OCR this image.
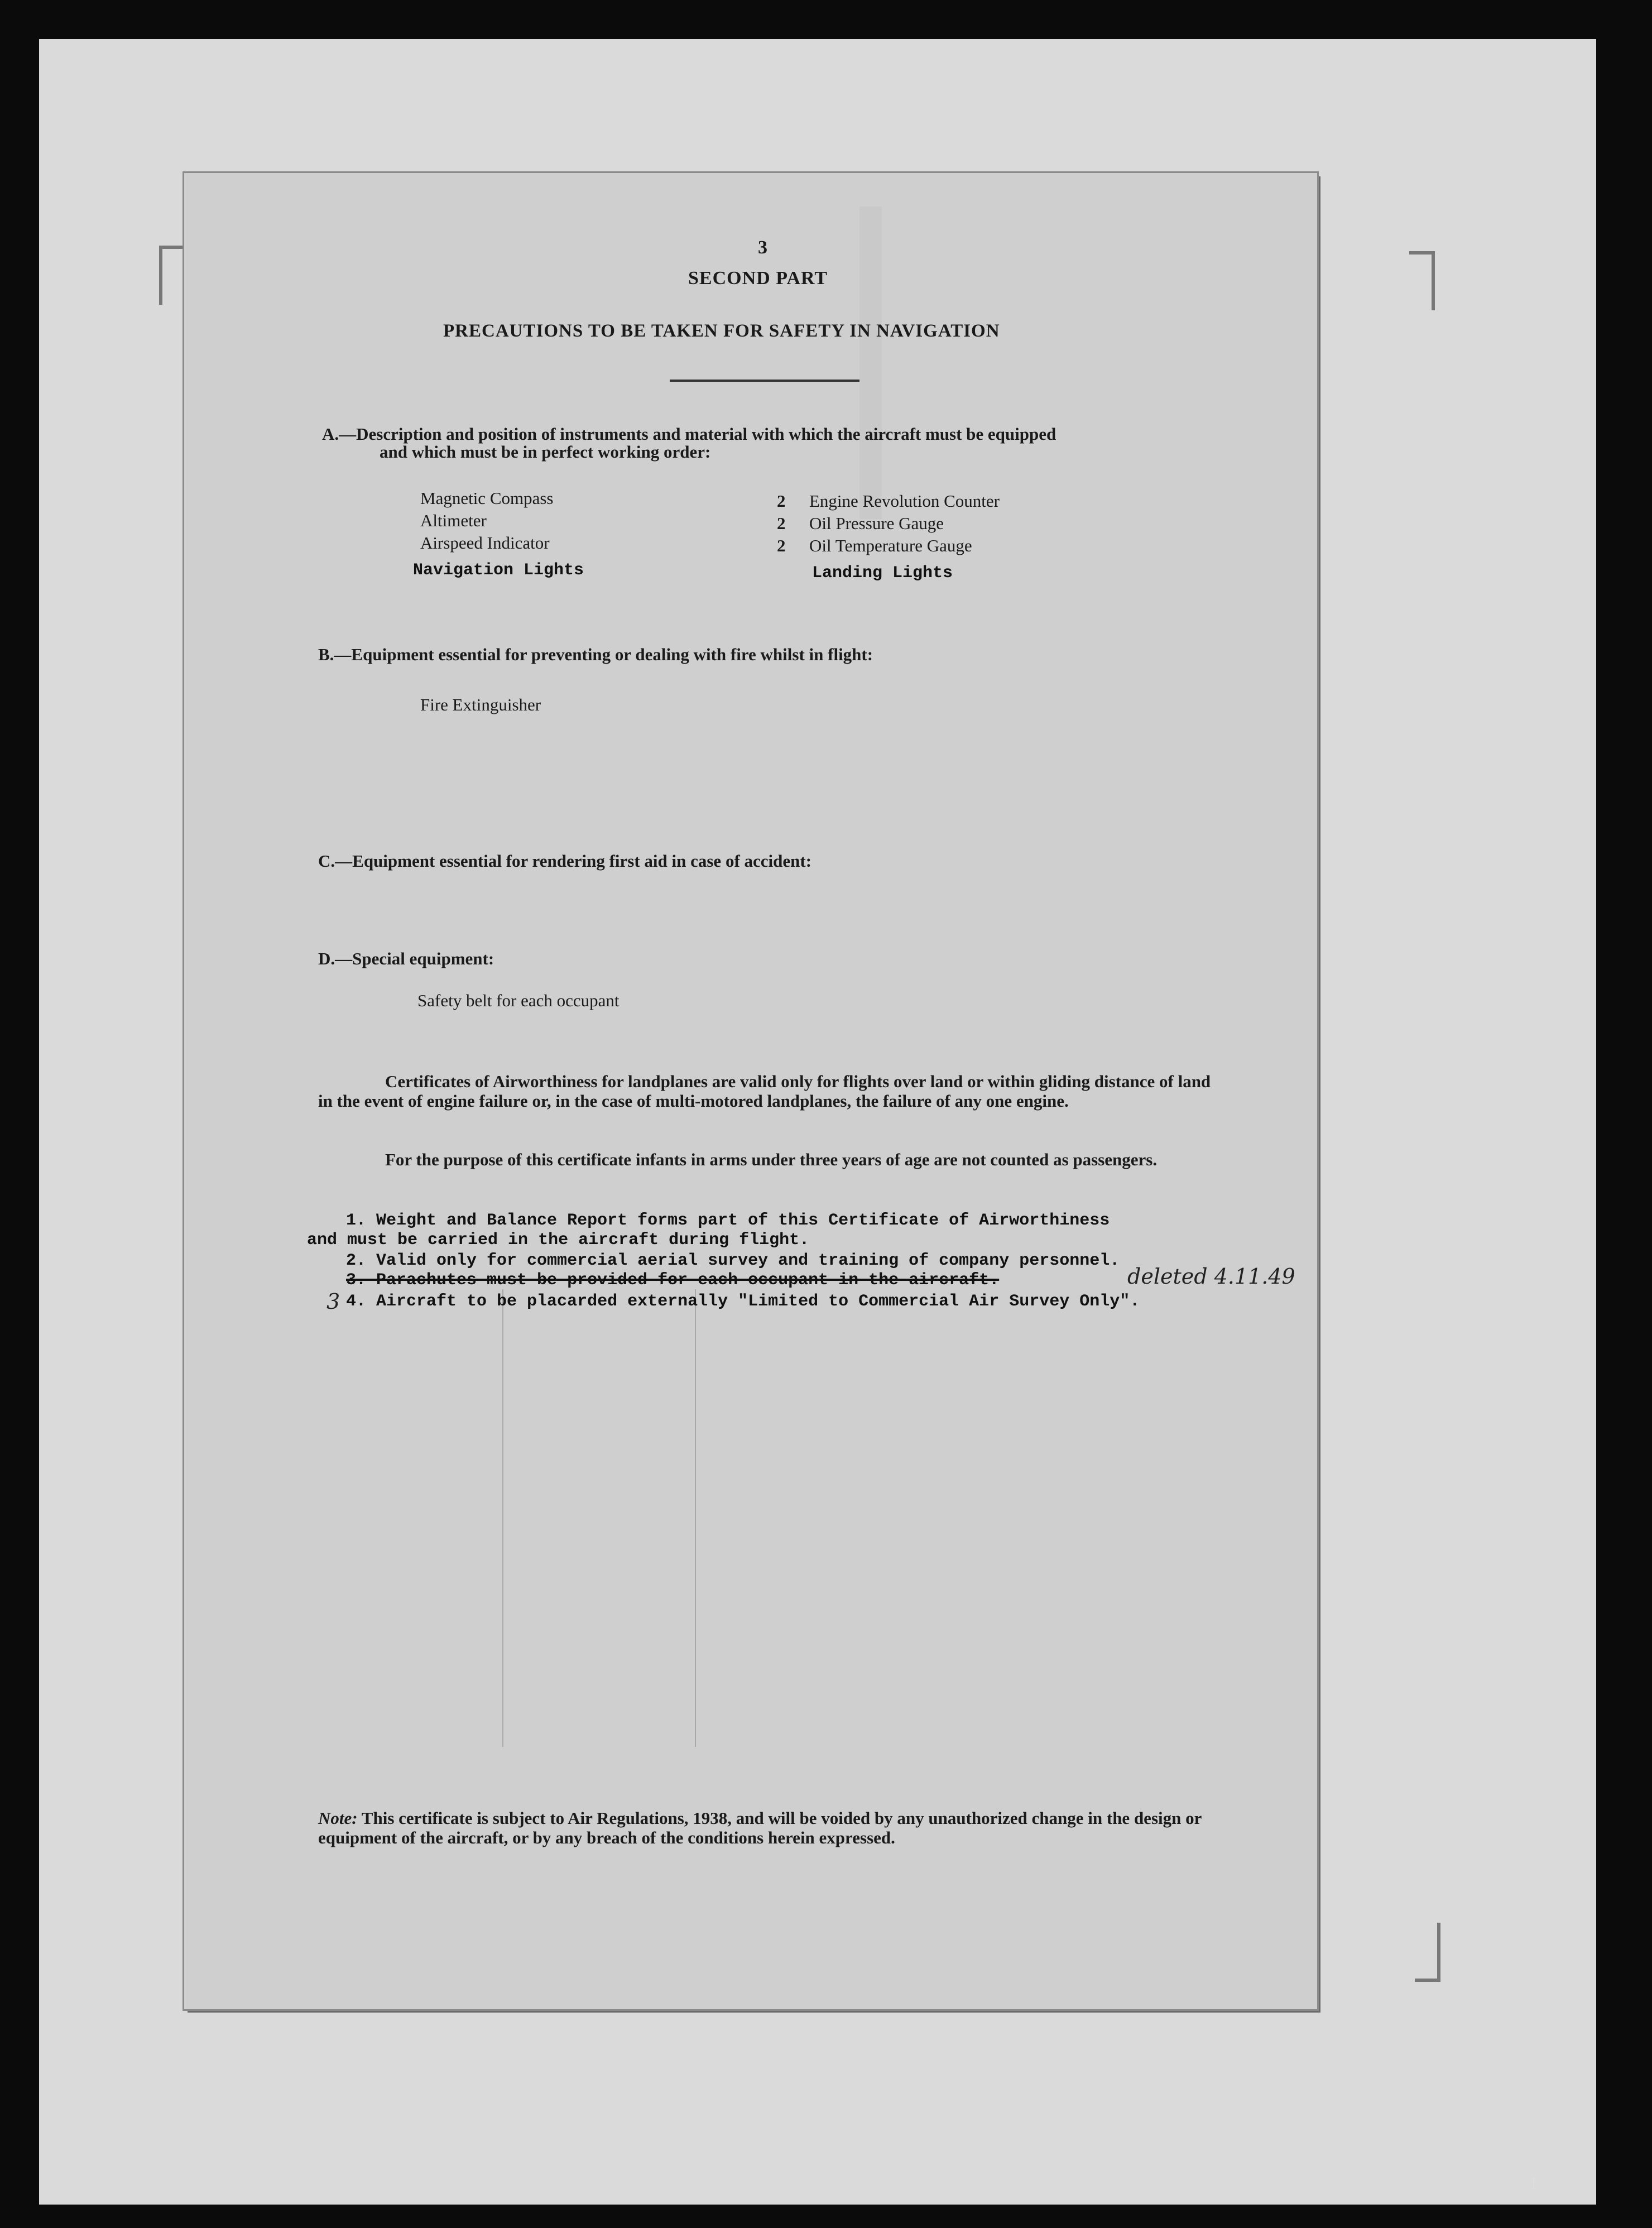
3
SECOND PART
PRECAUTIONS TO BE TAKEN FOR SAFETY IN NAVIGATION
A.—Description and position of instruments and material with which the aircraft must be equipped
and which must be in perfect working order:
Magnetic Compass
Altimeter
Airspeed Indicator
Navigation Lights
2 Engine Revolution Counter
2 Oil Pressure Gauge
2 Oil Temperature Gauge
Landing Lights
B.—Equipment essential for preventing or dealing with fire whilst in flight:
Fire Extinguisher
C.—Equipment essential for rendering first aid in case of accident:
D.—Special equipment:
Safety belt for each occupant
Certificates of Airworthiness for landplanes are valid only for flights over land or within gliding distance of land in the event of engine failure or, in the case of multi-motored landplanes, the failure of any one engine.
For the purpose of this certificate infants in arms under three years of age are not counted as passengers.
1. Weight and Balance Report forms part of this Certificate of Airworthiness
and must be carried in the aircraft during flight.
2. Valid only for commercial aerial survey and training of company personnel.
3. Parachutes must be provided for each occupant in the aircraft.	deleted 4.11.49
3 4. Aircraft to be placarded externally "Limited to Commercial Air Survey Only".
Note: This certificate is subject to Air Regulations, 1938, and will be voided by any unauthorized change in the design or equipment of the aircraft, or by any breach of the conditions herein expressed.
1
